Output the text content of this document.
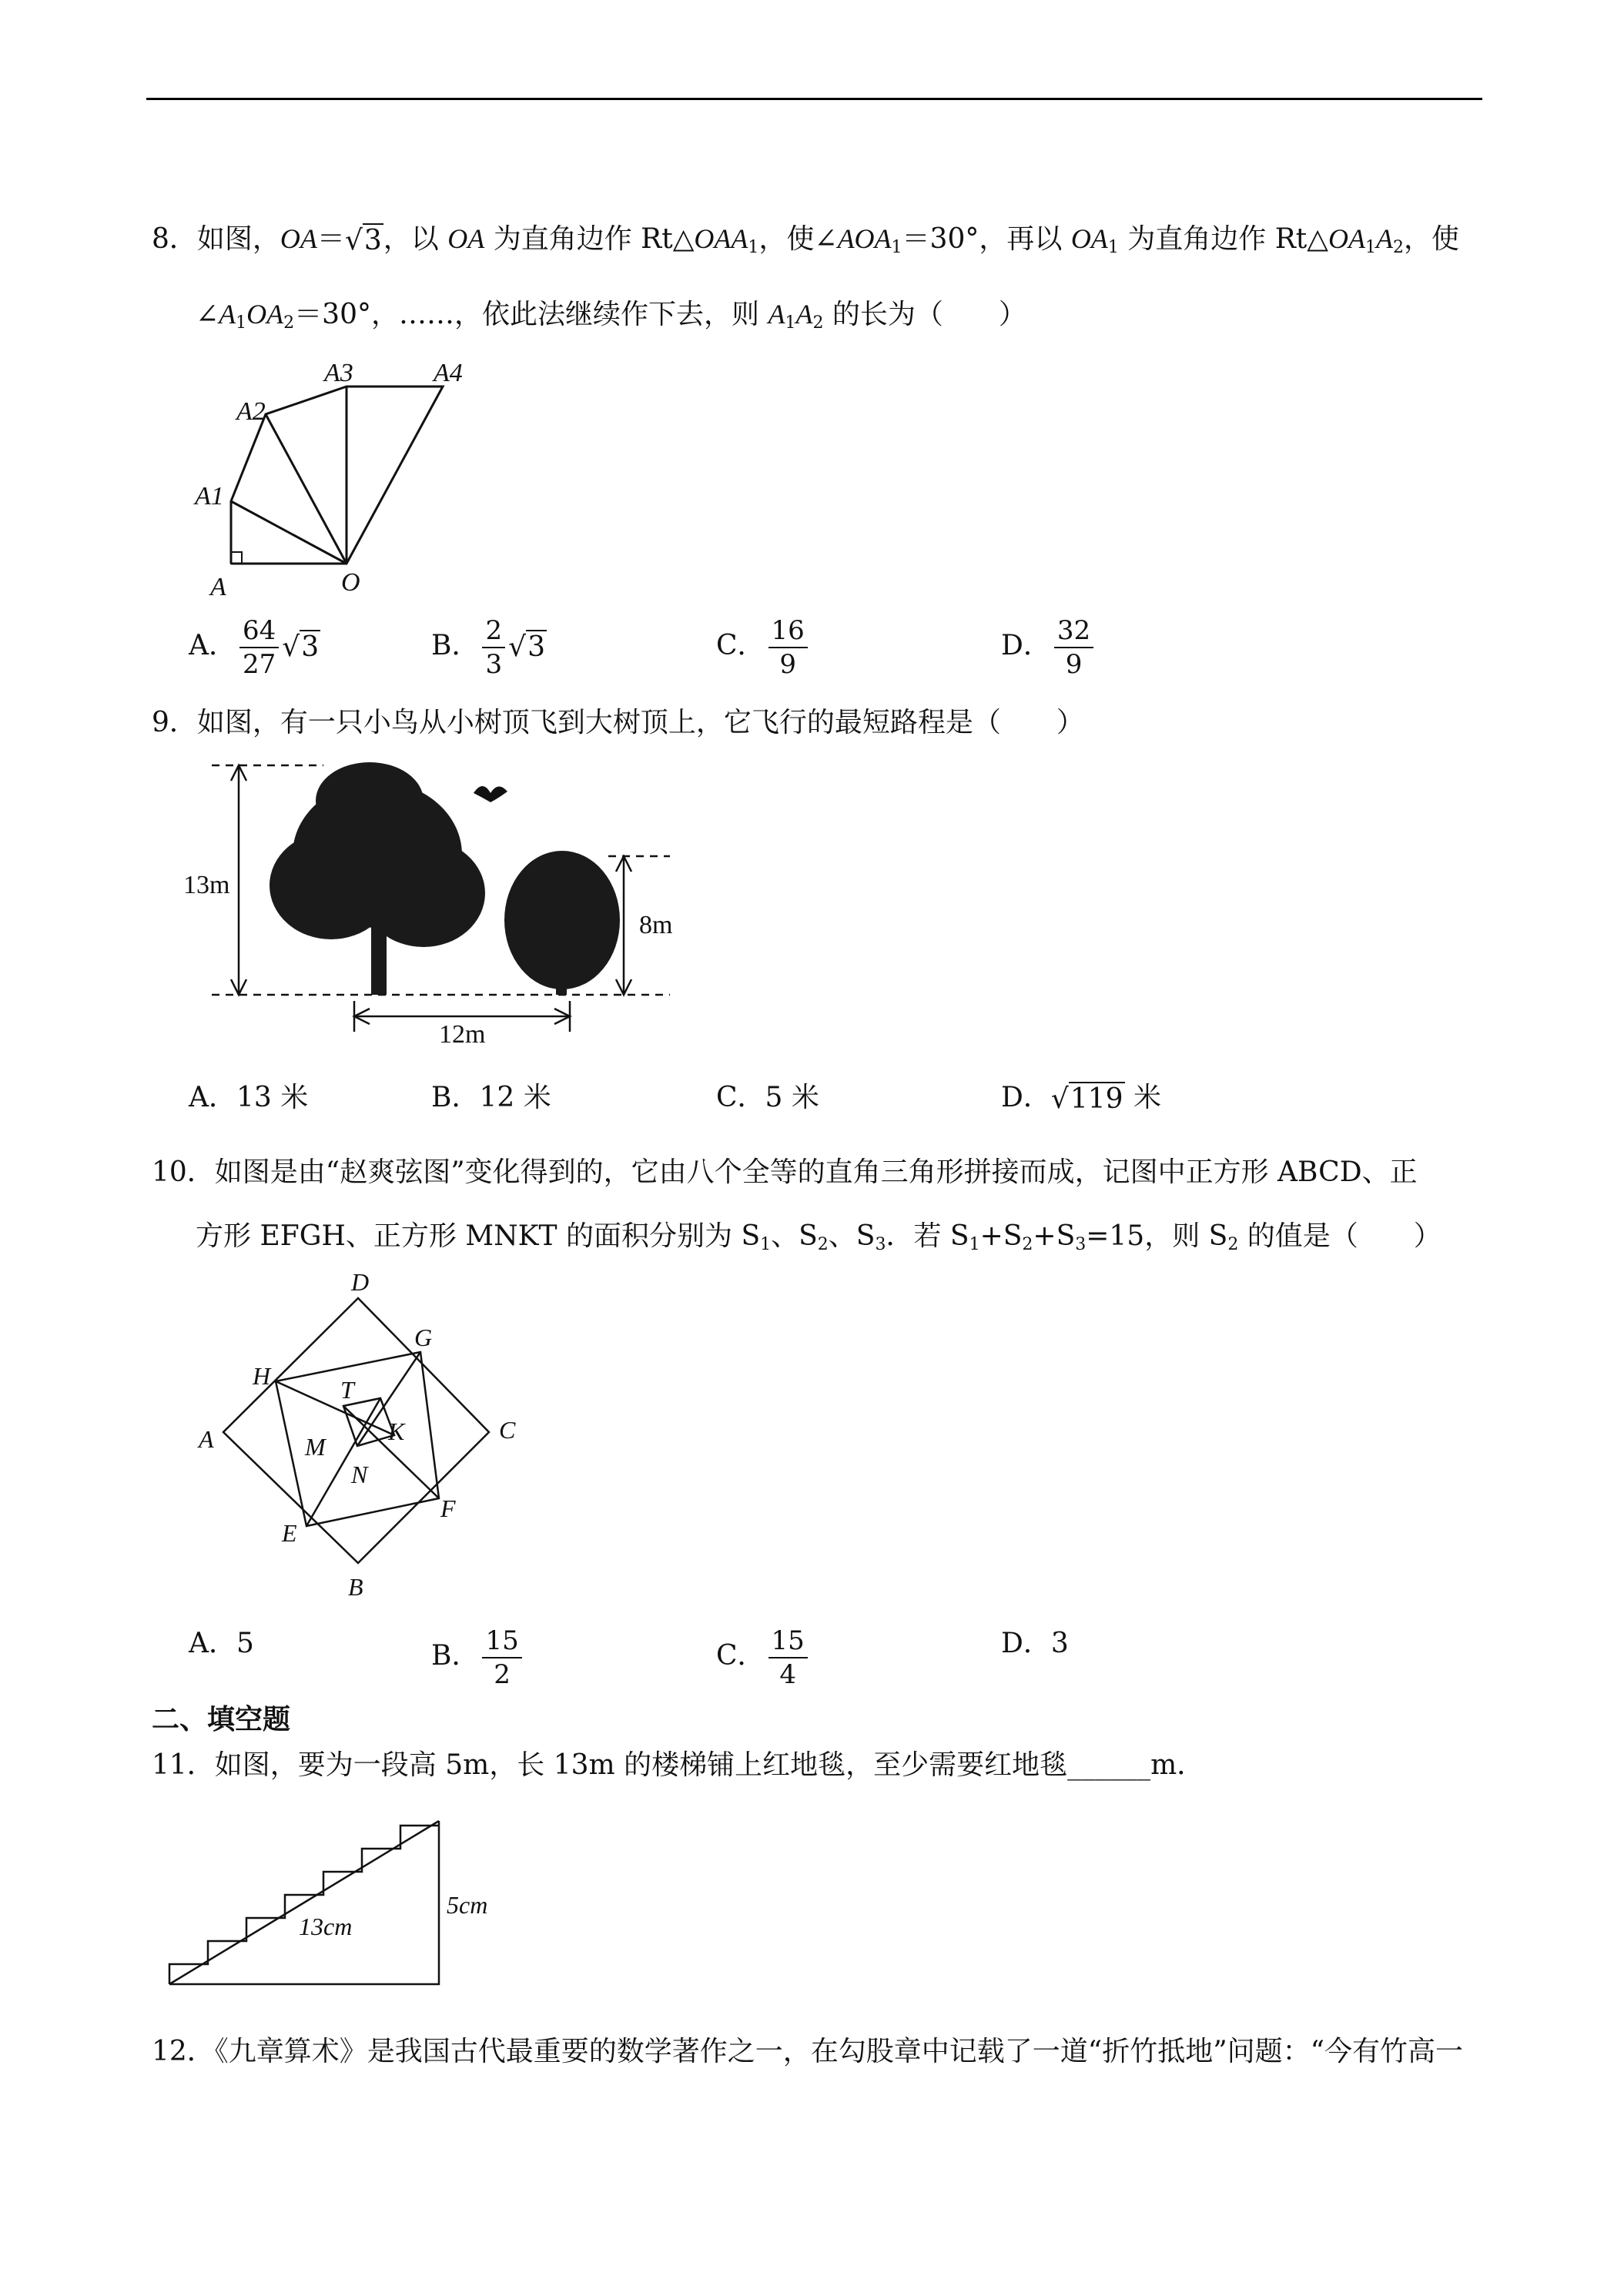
8．如图，OA＝√3，以 OA 为直角边作 $Rt\triangle OAA_1$，使$\angle AOA_1=30^\circ$，再以 $OA_1$ 为直角边作 $Rt\triangle OA_1A_2$，使
$\angle A_1OA_2=30^\circ$，……，依此法继续作下去，则 $A_1A_2$ 的长为（　　）
A1
A2
A3	A4
A	O
A． $\frac{64}{27} √3$	B． $\frac{2}{3} √3$	C． $\frac{16}{9}$	D． $\frac{32}{9}$
9．如图，有一只小鸟从小树顶飞到大树顶上，它飞行的最短路程是（　　）
13m
8m
12m
A．13 米	B．12 米	C．5 米	D．√119 米
10．如图是由“赵爽弦图”变化得到的，它由八个全等的直角三角形拼接而成，记图中正方形 ABCD、正
方形 EFGH、正方形 MNKT 的面积分别为 $S_1$、$S_2$、$S_3$．若 $S_1+S_2+S_3=15$，则 $S_2$ 的值是（　　）
D
G
H	T
K
A	M
C
N
F
E
B
A．5	B． $\frac{15}{2}$	C． $\frac{15}{4}$	D．3
二、填空题
11．如图，要为一段高 5m，长 13m 的楼梯铺上红地毯，至少需要红地毯______m．
13cm
5cm
12．《九章算术》是我国古代最重要的数学著作之一，在勾股章中记载了一道“折竹抵地”问题：“今有竹高一
